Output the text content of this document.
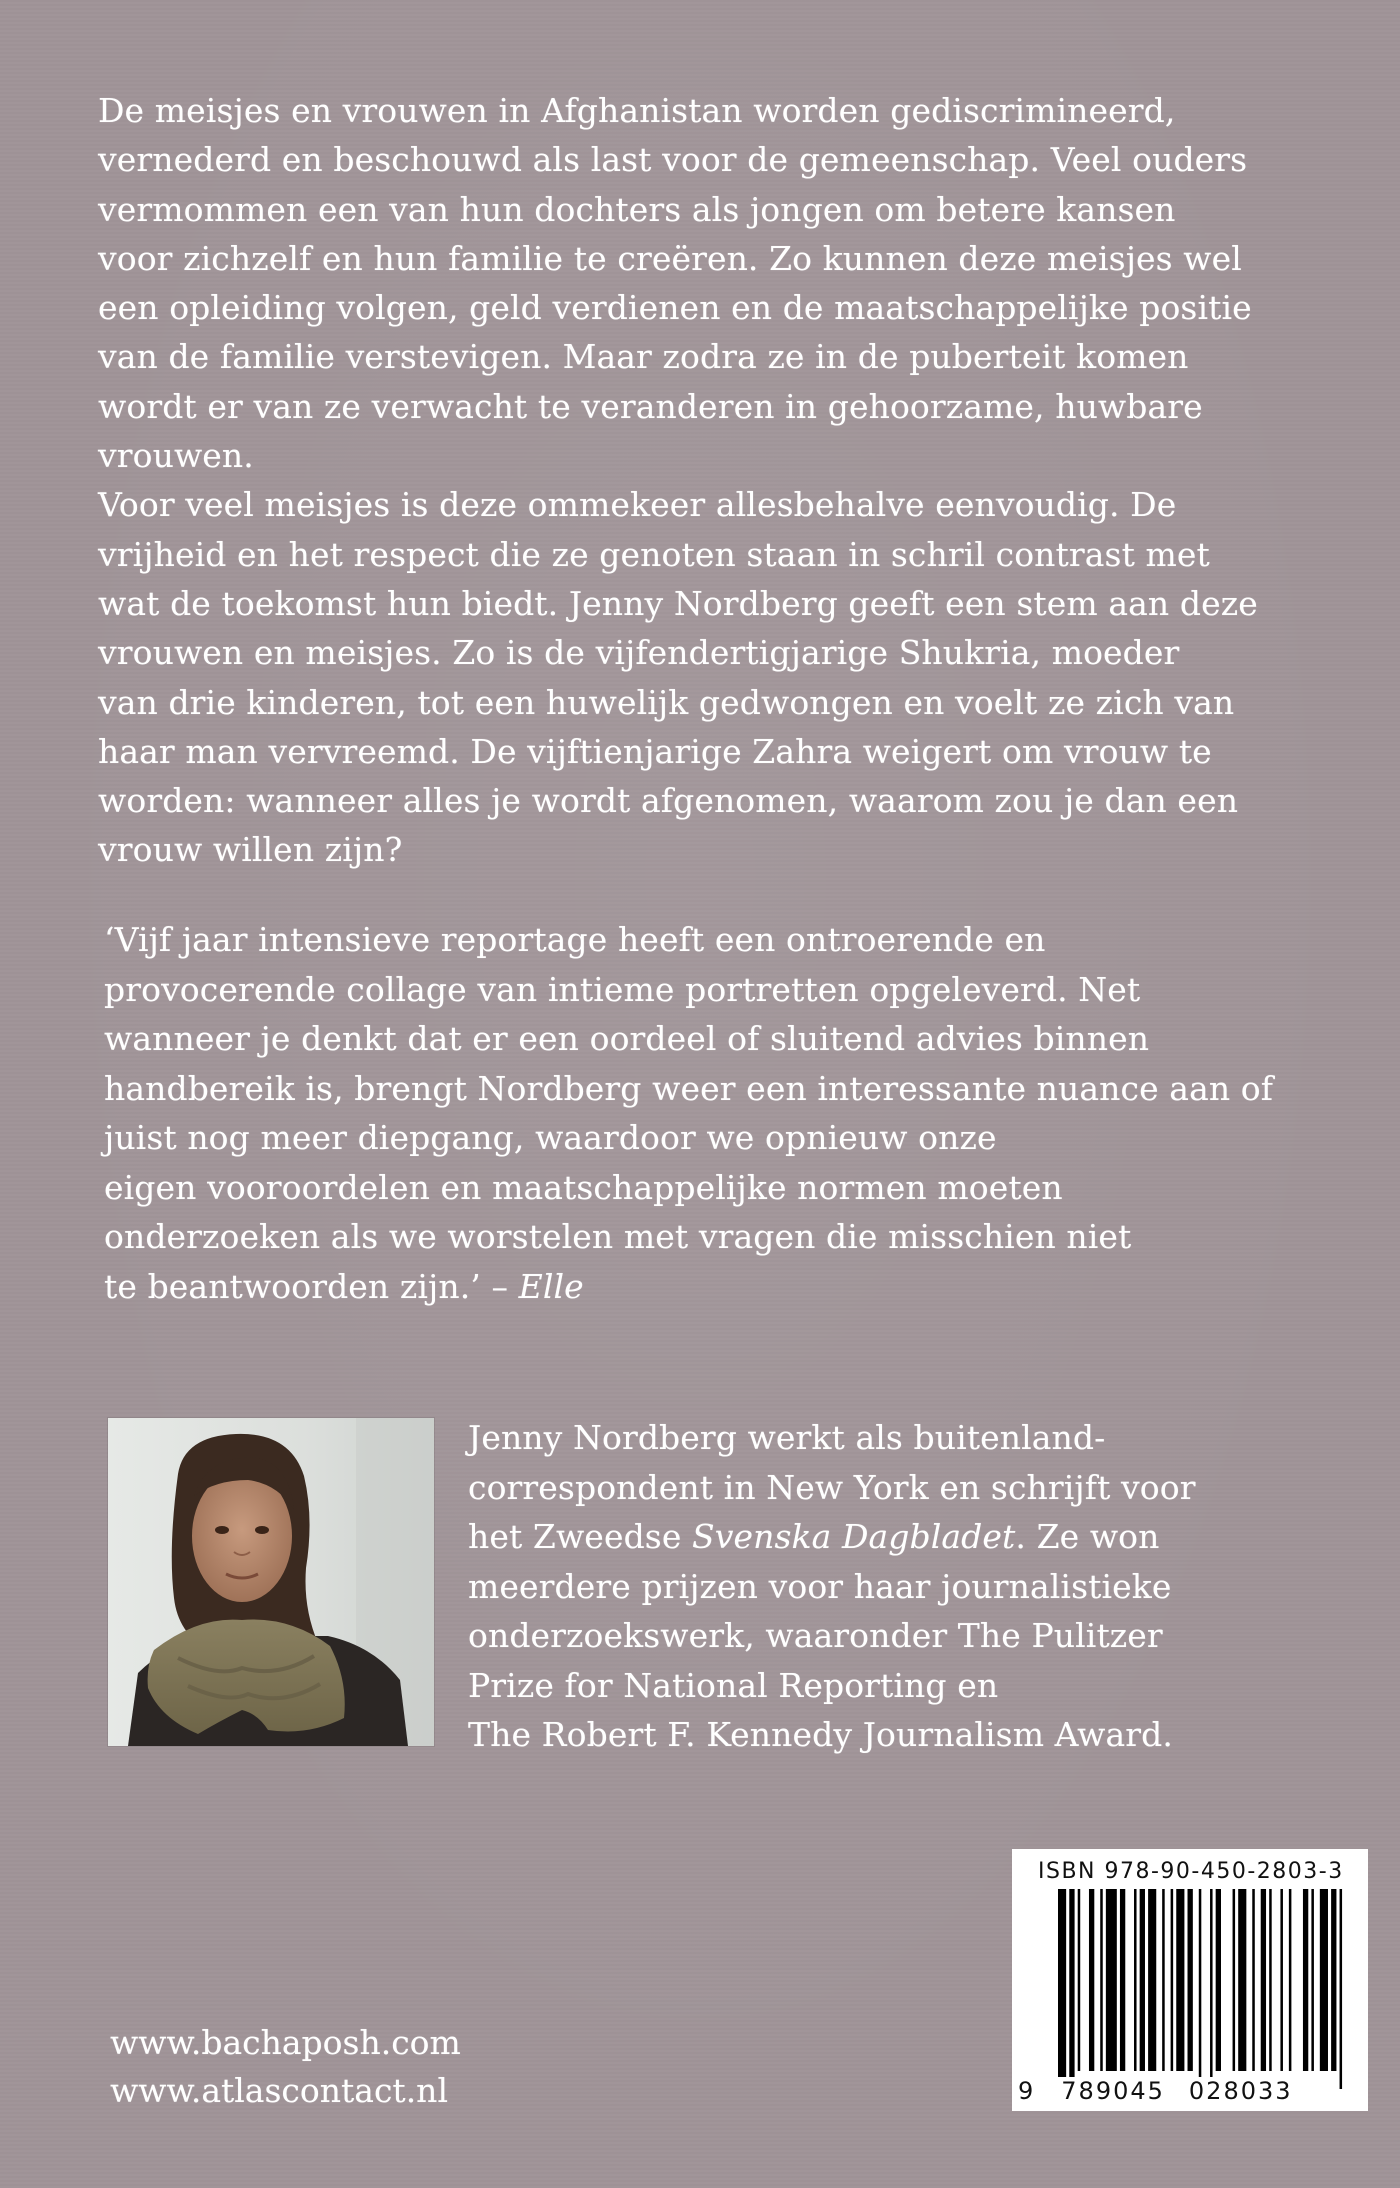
De meisjes en vrouwen in Afghanistan worden gediscrimineerd,
vernederd en beschouwd als last voor de gemeenschap. Veel ouders
vermommen een van hun dochters als jongen om betere kansen
voor zichzelf en hun familie te creëren. Zo kunnen deze meisjes wel
een opleiding volgen, geld verdienen en de maatschappelijke positie
van de familie verstevigen. Maar zodra ze in de puberteit komen
wordt er van ze verwacht te veranderen in gehoorzame, huwbare
vrouwen.
Voor veel meisjes is deze ommekeer allesbehalve eenvoudig. De
vrijheid en het respect die ze genoten staan in schril contrast met
wat de toekomst hun biedt. Jenny Nordberg geeft een stem aan deze
vrouwen en meisjes. Zo is de vijfendertigjarige Shukria, moeder
van drie kinderen, tot een huwelijk gedwongen en voelt ze zich van
haar man vervreemd. De vijftienjarige Zahra weigert om vrouw te
worden: wanneer alles je wordt afgenomen, waarom zou je dan een
vrouw willen zijn?
‘Vijf jaar intensieve reportage heeft een ontroerende en
provocerende collage van intieme portretten opgeleverd. Net
wanneer je denkt dat er een oordeel of sluitend advies binnen
handbereik is, brengt Nordberg weer een interessante nuance aan of
juist nog meer diepgang, waardoor we opnieuw onze
eigen vooroordelen en maatschappelijke normen moeten
onderzoeken als we worstelen met vragen die misschien niet
te beantwoorden zijn.’ – Elle
Jenny Nordberg werkt als buitenland-
correspondent in New York en schrijft voor
het Zweedse Svenska Dagbladet. Ze won
meerdere prijzen voor haar journalistieke
onderzoekswerk, waaronder The Pulitzer
Prize for National Reporting en
The Robert F. Kennedy Journalism Award.
www.bachaposh.com
www.atlascontact.nl
ISBN 978-90-450-2803-3
9 789045 028033
